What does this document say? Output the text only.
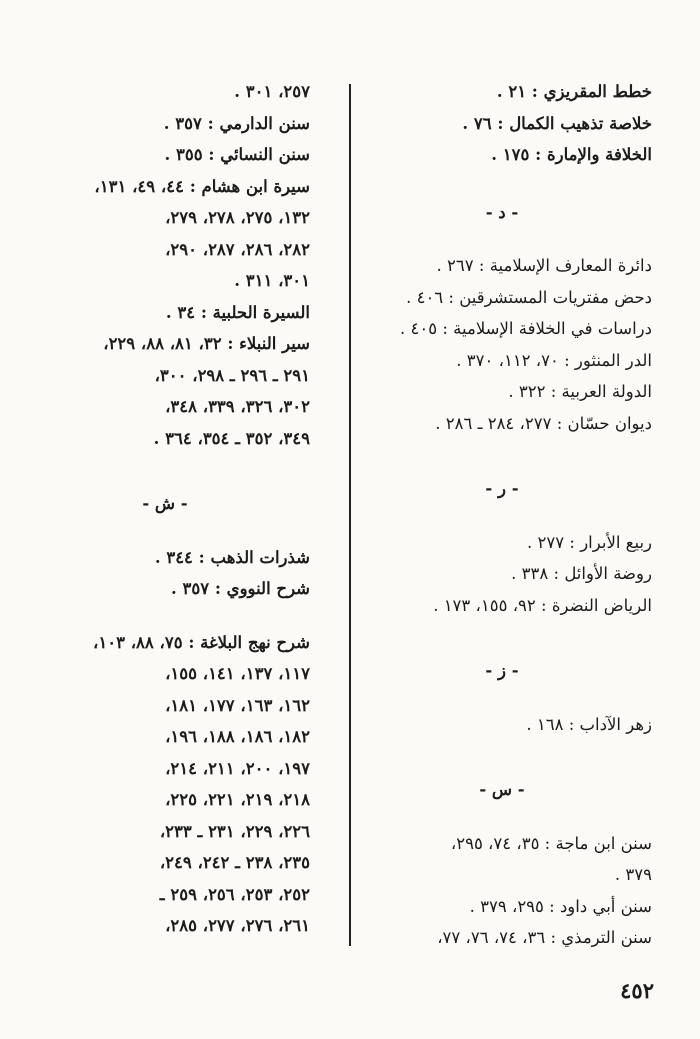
خطط المقريزي : ٢١ .
خلاصة تذهيب الكمال : ٧٦ .
الخلافة والإمارة : ١٧٥ .
- د -
دائرة المعارف الإسلامية : ٢٦٧ .
دحض مفتريات المستشرقين : ٤٠٦ .
دراسات في الخلافة الإسلامية : ٤٠٥ .
الدر المنثور : ٧٠، ١١٢، ٣٧٠ .
الدولة العربية : ٣٢٢ .
ديوان حسّان : ٢٧٧، ٢٨٤ ـ ٢٨٦ .
- ر -
ربيع الأبرار : ٢٧٧ .
روضة الأوائل : ٣٣٨ .
الرياض النضرة : ٩٢، ١٥٥، ١٧٣ .
- ز -
زهر الآداب : ١٦٨ .
- س -
سنن ابن ماجة : ٣٥، ٧٤، ٢٩٥،
٣٧٩ .
سنن أبي داود : ٢٩٥، ٣٧٩ .
سنن الترمذي : ٣٦، ٧٤، ٧٦، ٧٧،
٢٥٧، ٣٠١ .
سنن الدارمي : ٣٥٧ .
سنن النسائي : ٣٥٥ .
سيرة ابن هشام : ٤٤، ٤٩، ١٣١،
١٣٢، ٢٧٥، ٢٧٨، ٢٧٩،
٢٨٢، ٢٨٦، ٢٨٧، ٢٩٠،
٣٠١، ٣١١ .
السيرة الحلبية : ٣٤ .
سير النبلاء : ٣٢، ٨١، ٨٨، ٢٢٩،
٢٩١ ـ ٢٩٦ ـ ٢٩٨، ٣٠٠،
٣٠٢، ٣٢٦، ٣٣٩، ٣٤٨،
٣٤٩، ٣٥٢ ـ ٣٥٤، ٣٦٤ .
- ش -
شذرات الذهب : ٣٤٤ .
شرح النووي : ٣٥٧ .
شرح نهج البلاغة : ٧٥، ٨٨، ١٠٣،
١١٧، ١٣٧، ١٤١، ١٥٥،
١٦٢، ١٦٣، ١٧٧، ١٨١،
١٨٢، ١٨٦، ١٨٨، ١٩٦،
١٩٧، ٢٠٠، ٢١١، ٢١٤،
٢١٨، ٢١٩، ٢٢١، ٢٢٥،
٢٢٦، ٢٢٩، ٢٣١ ـ ٢٣٣،
٢٣٥، ٢٣٨ ـ ٢٤٢، ٢٤٩،
٢٥٢، ٢٥٣، ٢٥٦، ٢٥٩ ـ
٢٦١، ٢٧٦، ٢٧٧، ٢٨٥،
٤٥٢
